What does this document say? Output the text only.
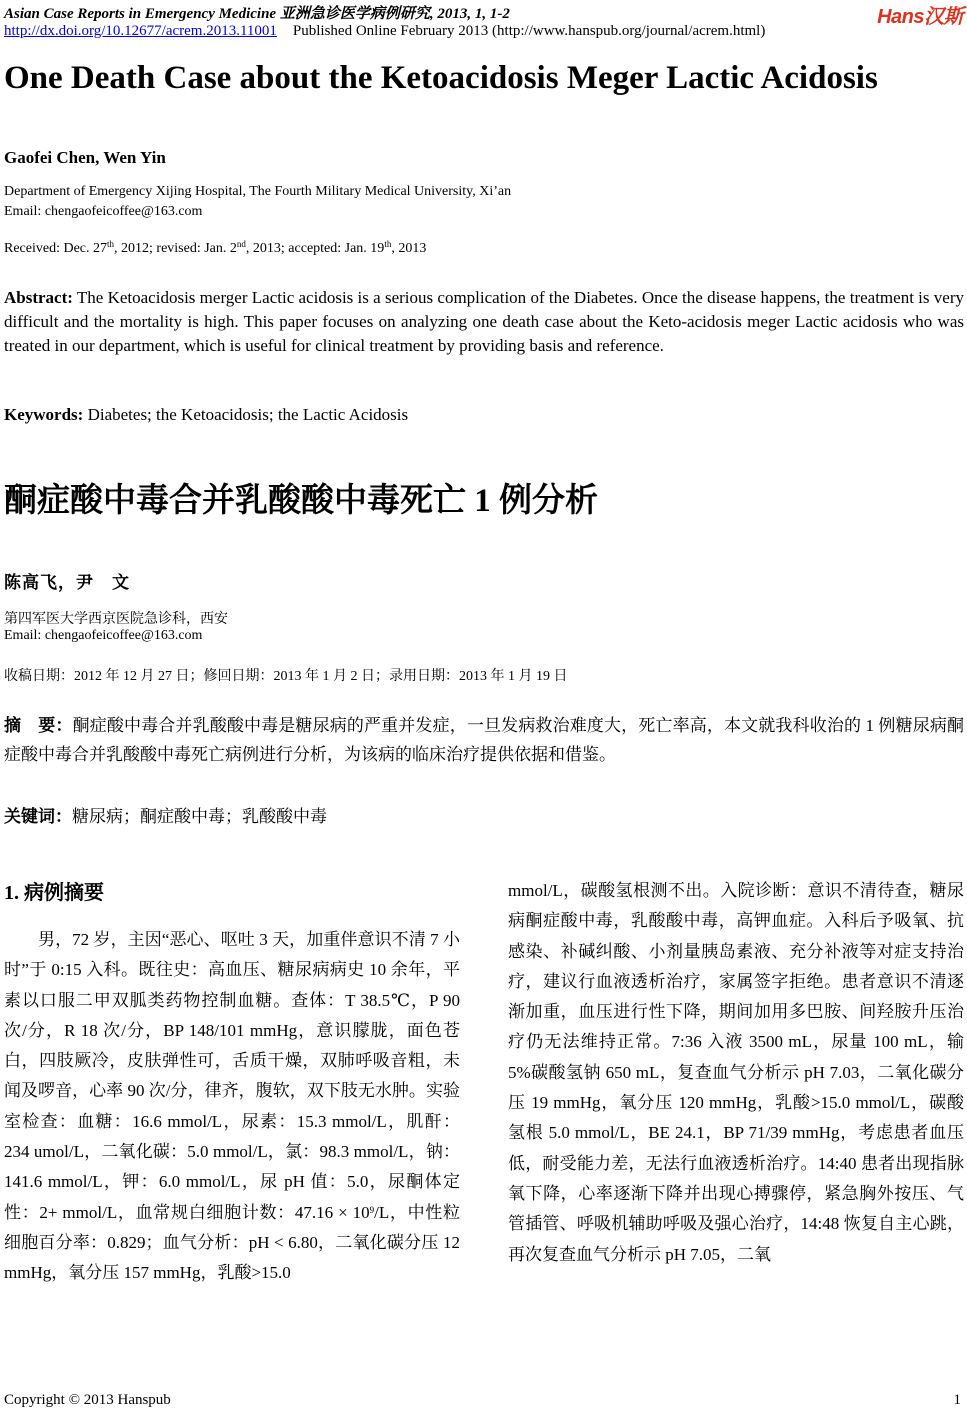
Asian Case Reports in Emergency Medicine 亚洲急诊医学病例研究, 2013, 1, 1-2	Hans汉斯
http://dx.doi.org/10.12677/acrem.2013.11001 Published Online February 2013 (http://www.hanspub.org/journal/acrem.html)
One Death Case about the Ketoacidosis Meger Lactic Acidosis
Gaofei Chen, Wen Yin
Department of Emergency Xijing Hospital, The Fourth Military Medical University, Xi’an
Email: chengaofeicoffee@163.com
Received: Dec. 27th, 2012; revised: Jan. 2nd, 2013; accepted: Jan. 19th, 2013
Abstract: The Ketoacidosis merger Lactic acidosis is a serious complication of the Diabetes. Once the disease happens, the treatment is very difficult and the mortality is high. This paper focuses on analyzing one death case about the Keto-acidosis meger Lactic acidosis who was treated in our department, which is useful for clinical treatment by providing basis and reference.
Keywords: Diabetes; the Ketoacidosis; the Lactic Acidosis
酮症酸中毒合并乳酸酸中毒死亡 1 例分析
陈高飞，尹　文
第四军医大学西京医院急诊科，西安
Email: chengaofeicoffee@163.com
收稿日期：2012 年 12 月 27 日；修回日期：2013 年 1 月 2 日；录用日期：2013 年 1 月 19 日
摘　要：酮症酸中毒合并乳酸酸中毒是糖尿病的严重并发症，一旦发病救治难度大，死亡率高，本文就我科收治的 1 例糖尿病酮症酸中毒合并乳酸酸中毒死亡病例进行分析，为该病的临床治疗提供依据和借鉴。
关键词：糖尿病；酮症酸中毒；乳酸酸中毒
1. 病例摘要
男，72 岁，主因“恶心、呕吐 3 天，加重伴意识不清 7 小时”于 0:15 入科。既往史：高血压、糖尿病病史 10 余年，平素以口服二甲双胍类药物控制血糖。查体：T 38.5℃，P 90 次/分，R 18 次/分，BP 148/101 mmHg，意识朦胧，面色苍白，四肢厥冷，皮肤弹性可，舌质干燥，双肺呼吸音粗，未闻及啰音，心率 90 次/分，律齐，腹软，双下肢无水肿。实验室检查：血糖：16.6 mmol/L，尿素：15.3 mmol/L，肌酐：234 umol/L，二氧化碳：5.0 mmol/L，氯：98.3 mmol/L，钠：141.6 mmol/L，钾：6.0 mmol/L，尿 pH 值：5.0，尿酮体定性：2+ mmol/L，血常规白细胞计数：$47.16 \times 10^9/L$，中性粒细胞百分率：0.829；血气分析：pH < 6.80，二氧化碳分压 12 mmHg，氧分压 157 mmHg，乳酸>15.0
mmol/L，碳酸氢根测不出。入院诊断：意识不清待查，糖尿病酮症酸中毒，乳酸酸中毒，高钾血症。入科后予吸氧、抗感染、补碱纠酸、小剂量胰岛素液、充分补液等对症支持治疗，建议行血液透析治疗，家属签字拒绝。患者意识不清逐渐加重，血压进行性下降，期间加用多巴胺、间羟胺升压治疗仍无法维持正常。7:36 入液 3500 mL，尿量 100 mL，输 5%碳酸氢钠 650 mL，复查血气分析示 pH 7.03，二氧化碳分压 19 mmHg，氧分压 120 mmHg，乳酸>15.0 mmol/L，碳酸氢根 5.0 mmol/L，BE 24.1，BP 71/39 mmHg，考虑患者血压低，耐受能力差，无法行血液透析治疗。14:40 患者出现指脉氧下降，心率逐渐下降并出现心搏骤停，紧急胸外按压、气管插管、呼吸机辅助呼吸及强心治疗，14:48 恢复自主心跳，再次复查血气分析示 pH 7.05，二氧
Copyright © 2013 Hanspub	1
